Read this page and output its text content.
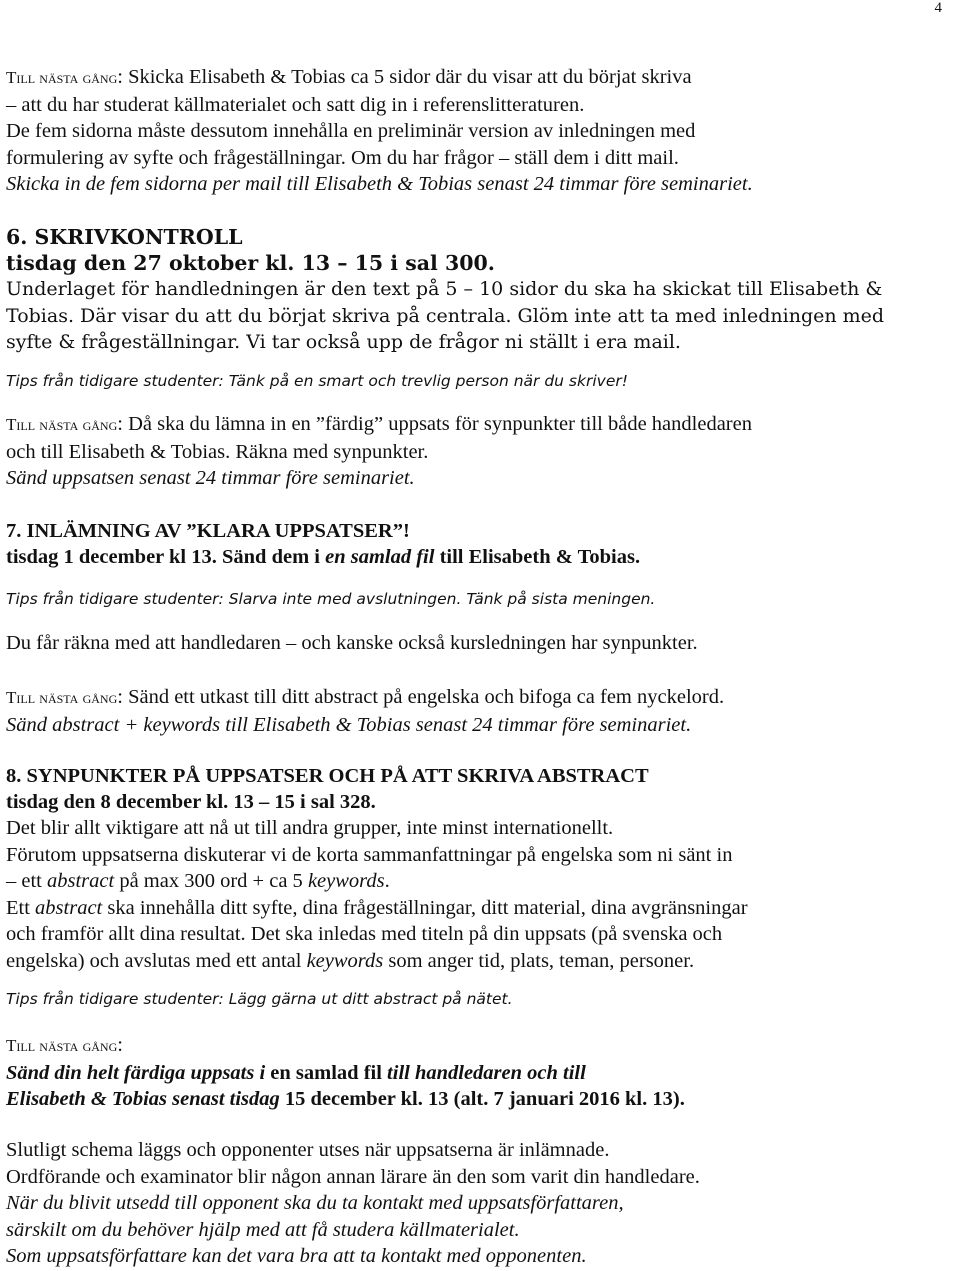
4
Till nästa gång: Skicka Elisabeth & Tobias ca 5 sidor där du visar att du börjat skriva
– att du har studerat källmaterialet och satt dig in i referenslitteraturen.
De fem sidorna måste dessutom innehålla en preliminär version av inledningen med
formulering av syfte och frågeställningar. Om du har frågor – ställ dem i ditt mail.
Skicka in de fem sidorna per mail till Elisabeth & Tobias senast 24 timmar före seminariet.
6. SKRIVKONTROLL
tisdag den 27 oktober kl. 13 – 15 i sal 300.
Underlaget för handledningen är den text på 5 – 10 sidor du ska ha skickat till Elisabeth &
Tobias. Där visar du att du börjat skriva på centrala. Glöm inte att ta med inledningen med
syfte & frågeställningar. Vi tar också upp de frågor ni ställt i era mail.
Tips från tidigare studenter: Tänk på en smart och trevlig person när du skriver!
Till nästa gång: Då ska du lämna in en ”färdig” uppsats för synpunkter till både handledaren
och till Elisabeth & Tobias. Räkna med synpunkter.
Sänd uppsatsen senast 24 timmar före seminariet.
7. INLÄMNING AV ”KLARA UPPSATSER”!
tisdag 1 december kl 13. Sänd dem i en samlad fil till Elisabeth & Tobias.
Tips från tidigare studenter: Slarva inte med avslutningen. Tänk på sista meningen.
Du får räkna med att handledaren – och kanske också kursledningen har synpunkter.
Till nästa gång: Sänd ett utkast till ditt abstract på engelska och bifoga ca fem nyckelord.
Sänd abstract + keywords till Elisabeth & Tobias senast 24 timmar före seminariet.
8. SYNPUNKTER PÅ UPPSATSER OCH PÅ ATT SKRIVA ABSTRACT
tisdag den 8 december kl. 13 – 15 i sal 328.
Det blir allt viktigare att nå ut till andra grupper, inte minst internationellt.
Förutom uppsatserna diskuterar vi de korta sammanfattningar på engelska som ni sänt in
– ett abstract på max 300 ord + ca 5 keywords.
Ett abstract ska innehålla ditt syfte, dina frågeställningar, ditt material, dina avgränsningar
och framför allt dina resultat. Det ska inledas med titeln på din uppsats (på svenska och
engelska) och avslutas med ett antal keywords som anger tid, plats, teman, personer.
Tips från tidigare studenter: Lägg gärna ut ditt abstract på nätet.
Till nästa gång:
Sänd din helt färdiga uppsats i en samlad fil till handledaren och till
Elisabeth & Tobias senast tisdag 15 december kl. 13 (alt. 7 januari 2016 kl. 13).
Slutligt schema läggs och opponenter utses när uppsatserna är inlämnade.
Ordförande och examinator blir någon annan lärare än den som varit din handledare.
När du blivit utsedd till opponent ska du ta kontakt med uppsatsförfattaren,
särskilt om du behöver hjälp med att få studera källmaterialet.
Som uppsatsförfattare kan det vara bra att ta kontakt med opponenten.
